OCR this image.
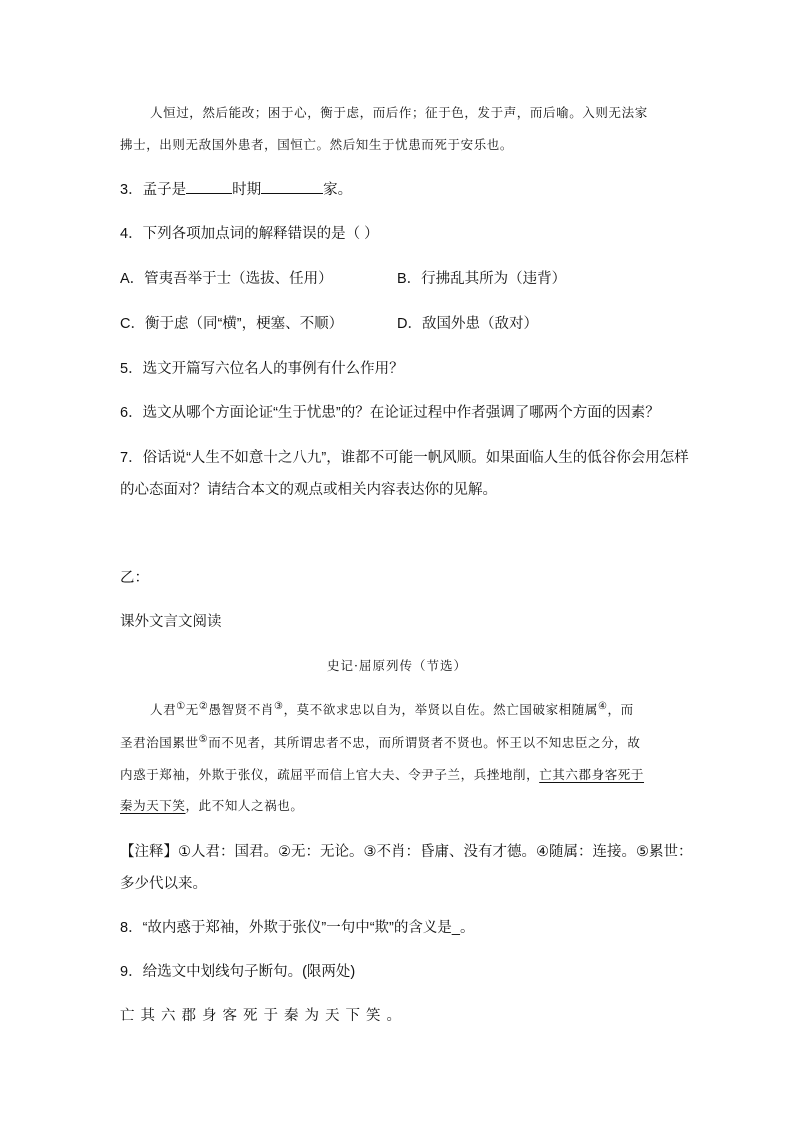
人恒过，然后能改；困于心，衡于虑，而后作；征于色，发于声，而后喻。入则无法家
拂士，出则无敌国外患者，国恒亡。然后知生于忧患而死于安乐也。
3．孟子是	时期	家。
4．下列各项加点词的解释错误的是（ ）
A．管夷吾举于士（选拔、任用）	B．行拂乱其所为（违背）
C．衡于虑（同“横”，梗塞、不顺）	D．敌国外患（敌对）
5．选文开篇写六位名人的事例有什么作用？
6．选文从哪个方面论证“生于忧患”的？在论证过程中作者强调了哪两个方面的因素？
7．俗话说“人生不如意十之八九”，谁都不可能一帆风顺。如果面临人生的低谷你会用怎样
的心态面对？请结合本文的观点或相关内容表达你的见解。
乙：
课外文言文阅读
史记·屈原列传（节选）
人君①无②愚智贤不肖③，莫不欲求忠以自为，举贤以自佐。然亡国破家相随属④，而
圣君治国累世⑤而不见者，其所谓忠者不忠，而所谓贤者不贤也。怀王以不知忠臣之分，故
内惑于郑袖，外欺于张仪，疏屈平而信上官大夫、令尹子兰，兵挫地削，亡其六郡身客死于
秦为天下笑，此不知人之祸也。
【注释】①人君：国君。②无：无论。③不肖：昏庸、没有才德。④随属：连接。⑤累世：
多少代以来。
8．“故内惑于郑袖，外欺于张仪”一句中“欺”的含义是_。
9．给选文中划线句子断句。(限两处)
亡其六郡身客死于秦为天下笑。
